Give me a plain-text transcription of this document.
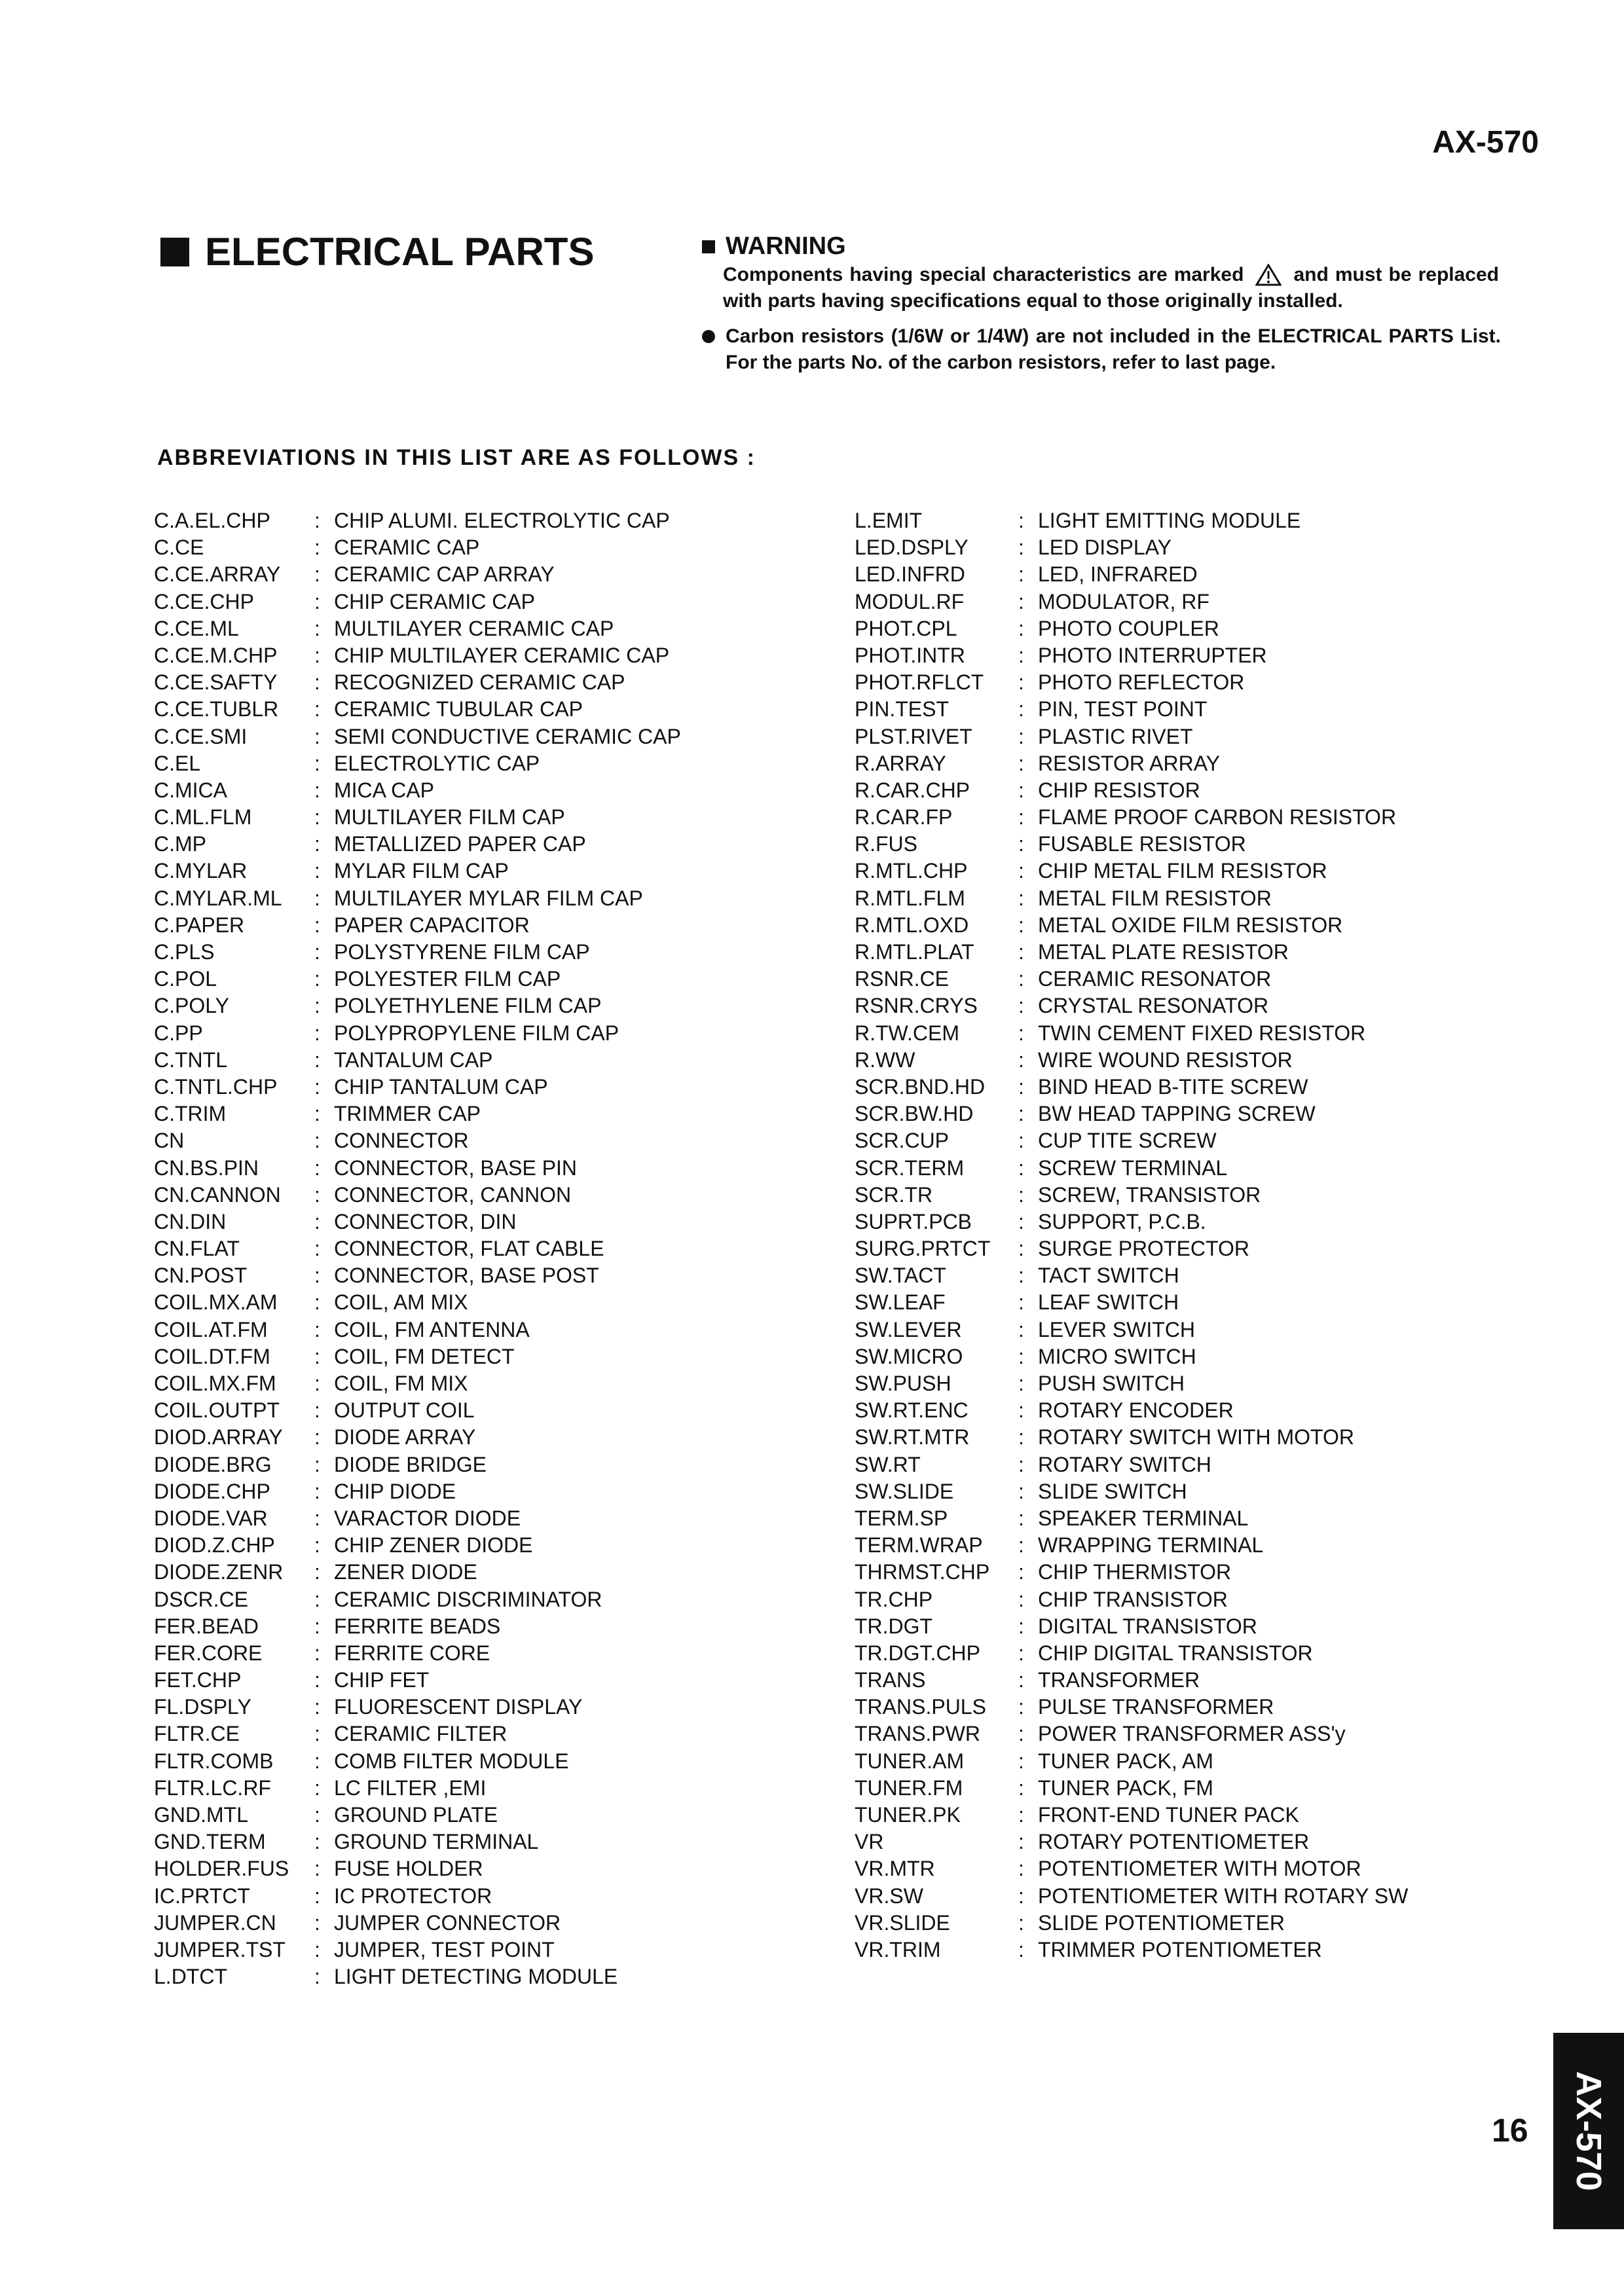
AX-570
ELECTRICAL PARTS	WARNING
Components having special characteristics are marked	and must be replaced with parts having specifications equal to those originally installed.
Carbon resistors (1/6W or 1/4W) are not included in the ELECTRICAL PARTS List. For the parts No. of the carbon resistors, refer to last page.
ABBREVIATIONS IN THIS LIST ARE AS FOLLOWS :
C.A.EL.CHP	: CHIP ALUMI. ELECTROLYTIC CAP
C.CE	: CERAMIC CAP
C.CE.ARRAY	: CERAMIC CAP ARRAY
C.CE.CHP	: CHIP CERAMIC CAP
C.CE.ML	: MULTILAYER CERAMIC CAP
C.CE.M.CHP	: CHIP MULTILAYER CERAMIC CAP
C.CE.SAFTY	: RECOGNIZED CERAMIC CAP
C.CE.TUBLR	: CERAMIC TUBULAR CAP
C.CE.SMI	: SEMI CONDUCTIVE CERAMIC CAP
C.EL	: ELECTROLYTIC CAP
C.MICA	: MICA CAP
C.ML.FLM	: MULTILAYER FILM CAP
C.MP	: METALLIZED PAPER CAP
C.MYLAR	: MYLAR FILM CAP
C.MYLAR.ML	: MULTILAYER MYLAR FILM CAP
C.PAPER	: PAPER CAPACITOR
C.PLS	: POLYSTYRENE FILM CAP
C.POL	: POLYESTER FILM CAP
C.POLY	: POLYETHYLENE FILM CAP
C.PP	: POLYPROPYLENE FILM CAP
C.TNTL	: TANTALUM CAP
C.TNTL.CHP	: CHIP TANTALUM CAP
C.TRIM	: TRIMMER CAP
CN	: CONNECTOR
CN.BS.PIN	: CONNECTOR, BASE PIN
CN.CANNON	: CONNECTOR, CANNON
CN.DIN	: CONNECTOR, DIN
CN.FLAT	: CONNECTOR, FLAT CABLE
CN.POST	: CONNECTOR, BASE POST
COIL.MX.AM	: COIL, AM MIX
COIL.AT.FM	: COIL, FM ANTENNA
COIL.DT.FM	: COIL, FM DETECT
COIL.MX.FM	: COIL, FM MIX
COIL.OUTPT	: OUTPUT COIL
DIOD.ARRAY	: DIODE ARRAY
DIODE.BRG	: DIODE BRIDGE
DIODE.CHP	: CHIP DIODE
DIODE.VAR	: VARACTOR DIODE
DIOD.Z.CHP	: CHIP ZENER DIODE
DIODE.ZENR	: ZENER DIODE
DSCR.CE	: CERAMIC DISCRIMINATOR
FER.BEAD	: FERRITE BEADS
FER.CORE	: FERRITE CORE
FET.CHP	: CHIP FET
FL.DSPLY	: FLUORESCENT DISPLAY
FLTR.CE	: CERAMIC FILTER
FLTR.COMB	: COMB FILTER MODULE
FLTR.LC.RF	: LC FILTER ,EMI
GND.MTL	: GROUND PLATE
GND.TERM	: GROUND TERMINAL
HOLDER.FUS	: FUSE HOLDER
IC.PRTCT	: IC PROTECTOR
JUMPER.CN	: JUMPER CONNECTOR
JUMPER.TST	: JUMPER, TEST POINT
L.DTCT	: LIGHT DETECTING MODULE
L.EMIT	: LIGHT EMITTING MODULE
LED.DSPLY	: LED DISPLAY
LED.INFRD	: LED, INFRARED
MODUL.RF	: MODULATOR, RF
PHOT.CPL	: PHOTO COUPLER
PHOT.INTR	: PHOTO INTERRUPTER
PHOT.RFLCT	: PHOTO REFLECTOR
PIN.TEST	: PIN, TEST POINT
PLST.RIVET	: PLASTIC RIVET
R.ARRAY	: RESISTOR ARRAY
R.CAR.CHP	: CHIP RESISTOR
R.CAR.FP	: FLAME PROOF CARBON RESISTOR
R.FUS	: FUSABLE RESISTOR
R.MTL.CHP	: CHIP METAL FILM RESISTOR
R.MTL.FLM	: METAL FILM RESISTOR
R.MTL.OXD	: METAL OXIDE FILM RESISTOR
R.MTL.PLAT	: METAL PLATE RESISTOR
RSNR.CE	: CERAMIC RESONATOR
RSNR.CRYS	: CRYSTAL RESONATOR
R.TW.CEM	: TWIN CEMENT FIXED RESISTOR
R.WW	: WIRE WOUND RESISTOR
SCR.BND.HD	: BIND HEAD B-TITE SCREW
SCR.BW.HD	: BW HEAD TAPPING SCREW
SCR.CUP	: CUP TITE SCREW
SCR.TERM	: SCREW TERMINAL
SCR.TR	: SCREW, TRANSISTOR
SUPRT.PCB	: SUPPORT, P.C.B.
SURG.PRTCT	: SURGE PROTECTOR
SW.TACT	: TACT SWITCH
SW.LEAF	: LEAF SWITCH
SW.LEVER	: LEVER SWITCH
SW.MICRO	: MICRO SWITCH
SW.PUSH	: PUSH SWITCH
SW.RT.ENC	: ROTARY ENCODER
SW.RT.MTR	: ROTARY SWITCH WITH MOTOR
SW.RT	: ROTARY SWITCH
SW.SLIDE	: SLIDE SWITCH
TERM.SP	: SPEAKER TERMINAL
TERM.WRAP	: WRAPPING TERMINAL
THRMST.CHP	: CHIP THERMISTOR
TR.CHP	: CHIP TRANSISTOR
TR.DGT	: DIGITAL TRANSISTOR
TR.DGT.CHP	: CHIP DIGITAL TRANSISTOR
TRANS	: TRANSFORMER
TRANS.PULS	: PULSE TRANSFORMER
TRANS.PWR	: POWER TRANSFORMER ASS'y
TUNER.AM	: TUNER PACK, AM
TUNER.FM	: TUNER PACK, FM
TUNER.PK	: FRONT-END TUNER PACK
VR	: ROTARY POTENTIOMETER
VR.MTR	: POTENTIOMETER WITH MOTOR
VR.SW	: POTENTIOMETER WITH ROTARY SW
VR.SLIDE	: SLIDE POTENTIOMETER
VR.TRIM	: TRIMMER POTENTIOMETER
AX-570
16
